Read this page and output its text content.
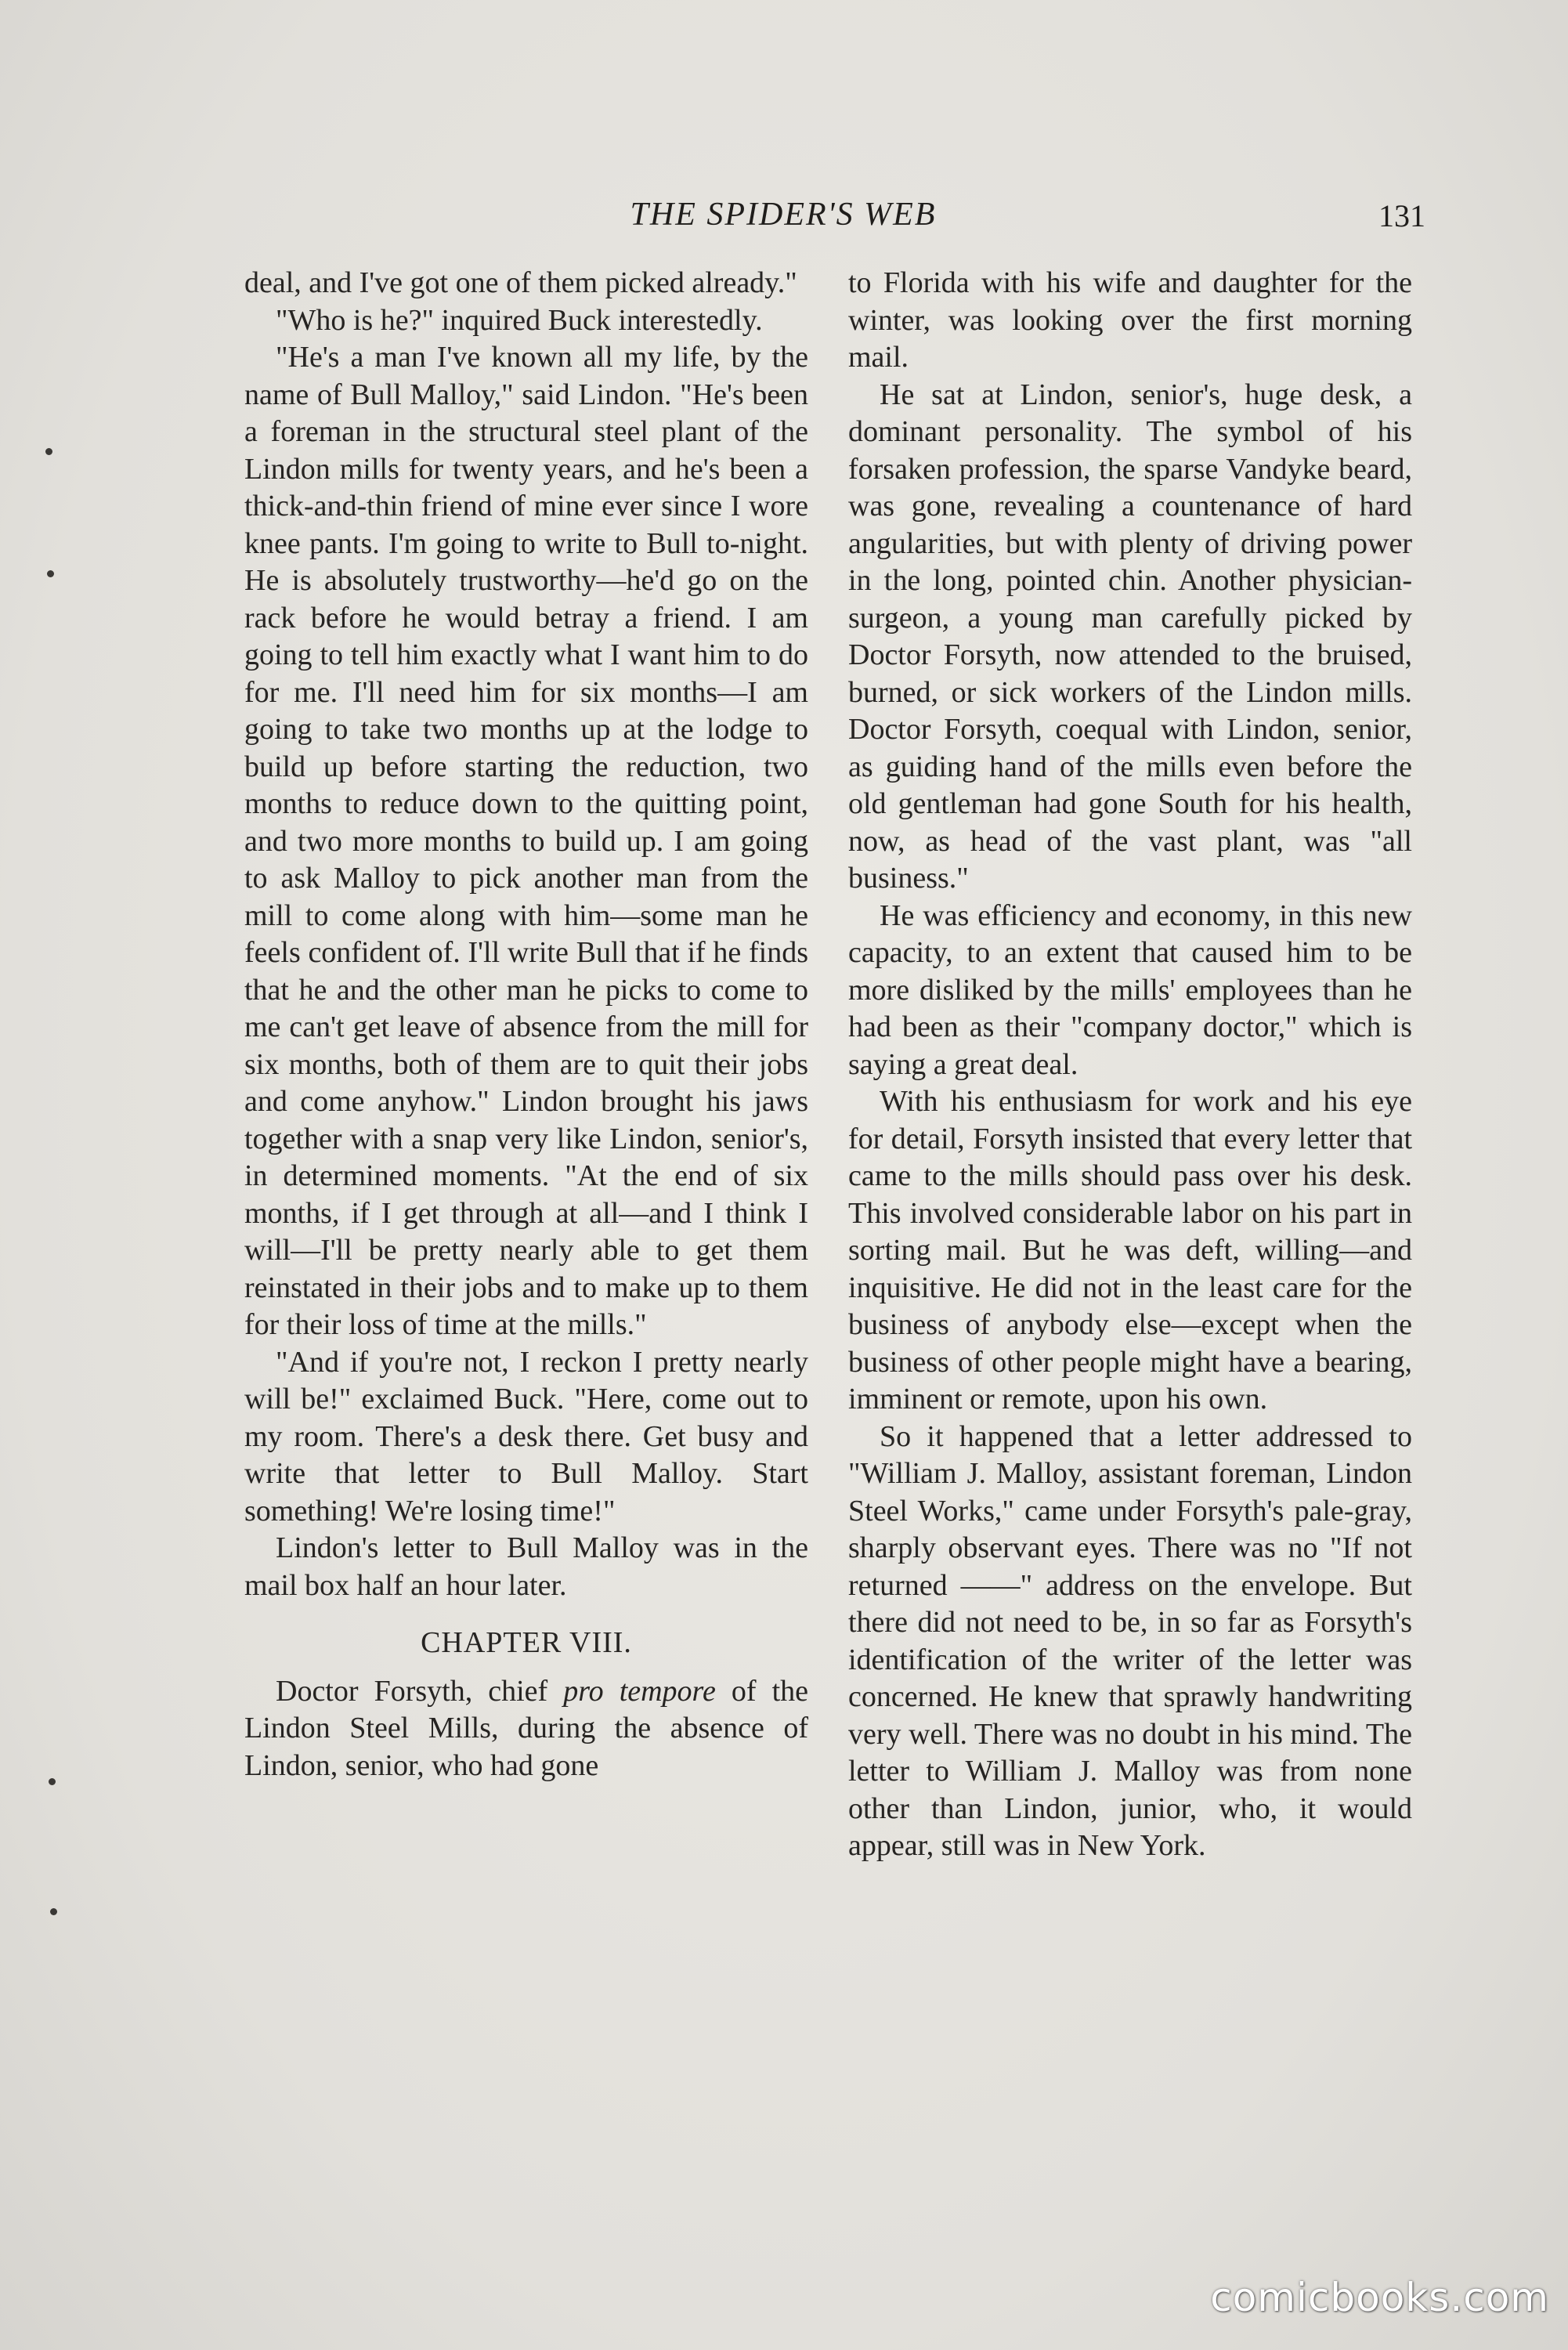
THE SPIDER'S WEB	131

deal, and I've got one of them picked already."

"Who is he?" inquired Buck interestedly.

"He's a man I've known all my life, by the name of Bull Malloy," said Lindon. "He's been a foreman in the structural steel plant of the Lindon mills for twenty years, and he's been a thick-and-thin friend of mine ever since I wore knee pants. I'm going to write to Bull to-night. He is absolutely trustworthy—he'd go on the rack before he would betray a friend. I am going to tell him exactly what I want him to do for me. I'll need him for six months—I am going to take two months up at the lodge to build up before starting the reduction, two months to reduce down to the quitting point, and two more months to build up. I am going to ask Malloy to pick another man from the mill to come along with him—some man he feels confident of. I'll write Bull that if he finds that he and the other man he picks to come to me can't get leave of absence from the mill for six months, both of them are to quit their jobs and come anyhow." Lindon brought his jaws together with a snap very like Lindon, senior's, in determined moments. "At the end of six months, if I get through at all—and I think I will—I'll be pretty nearly able to get them reinstated in their jobs and to make up to them for their loss of time at the mills."

"And if you're not, I reckon I pretty nearly will be!" exclaimed Buck. "Here, come out to my room. There's a desk there. Get busy and write that letter to Bull Malloy. Start something! We're losing time!"

Lindon's letter to Bull Malloy was in the mail box half an hour later.

CHAPTER VIII.

Doctor Forsyth, chief pro tempore of the Lindon Steel Mills, during the absence of Lindon, senior, who had gone

to Florida with his wife and daughter for the winter, was looking over the first morning mail.

He sat at Lindon, senior's, huge desk, a dominant personality. The symbol of his forsaken profession, the sparse Vandyke beard, was gone, revealing a countenance of hard angularities, but with plenty of driving power in the long, pointed chin. Another physician-surgeon, a young man carefully picked by Doctor Forsyth, now attended to the bruised, burned, or sick workers of the Lindon mills. Doctor Forsyth, coequal with Lindon, senior, as guiding hand of the mills even before the old gentleman had gone South for his health, now, as head of the vast plant, was "all business."

He was efficiency and economy, in this new capacity, to an extent that caused him to be more disliked by the mills' employees than he had been as their "company doctor," which is saying a great deal.

With his enthusiasm for work and his eye for detail, Forsyth insisted that every letter that came to the mills should pass over his desk. This involved considerable labor on his part in sorting mail. But he was deft, willing—and inquisitive. He did not in the least care for the business of anybody else—except when the business of other people might have a bearing, imminent or remote, upon his own.

So it happened that a letter addressed to "William J. Malloy, assistant foreman, Lindon Steel Works," came under Forsyth's pale-gray, sharply observant eyes. There was no "If not returned ——" address on the envelope. But there did not need to be, in so far as Forsyth's identification of the writer of the letter was concerned. He knew that sprawly handwriting very well. There was no doubt in his mind. The letter to William J. Malloy was from none other than Lindon, junior, who, it would appear, still was in New York.

comicbooks.com
